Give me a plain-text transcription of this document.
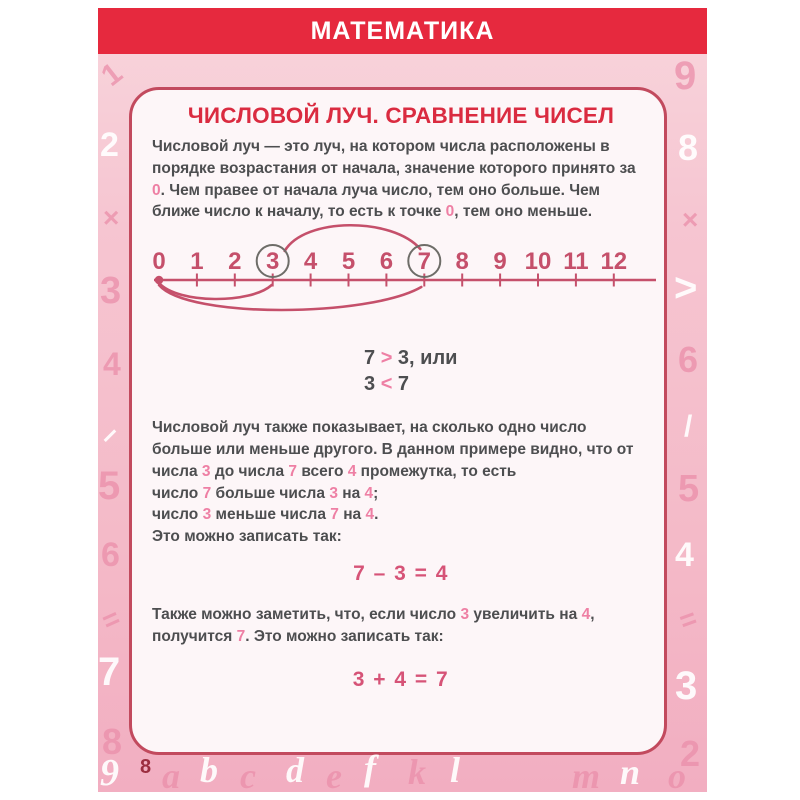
МАТЕМАТИКА
ЧИСЛОВОЙ ЛУЧ. СРАВНЕНИЕ ЧИСЕЛ

Числовой луч — это луч, на котором числа расположены в порядке возрастания от начала, значение которого принято за 0. Чем правее от начала луча число, тем оно больше. Чем ближе число к началу, то есть к точке 0, тем оно меньше.

0 1 2 3 4 5 6 7 8 9 10 11 12
7 > 3, или
3 < 7

Числовой луч также показывает, на сколько одно число больше или меньше другого. В данном примере видно, что от числа 3 до числа 7 всего 4 промежутка, то есть
число 7 больше числа 3 на 4;
число 3 меньше числа 7 на 4.
Это можно записать так:

7 – 3 = 4

Также можно заметить, что, если число 3 увеличить на 4,
получится 7. Это можно записать так:

3 + 4 = 7
8
1
2
×
3
4
–
5
6
=
7
8
9
8
×
>
6
/
5
4
=
3
2
9 a b c d e f k l	m n o
